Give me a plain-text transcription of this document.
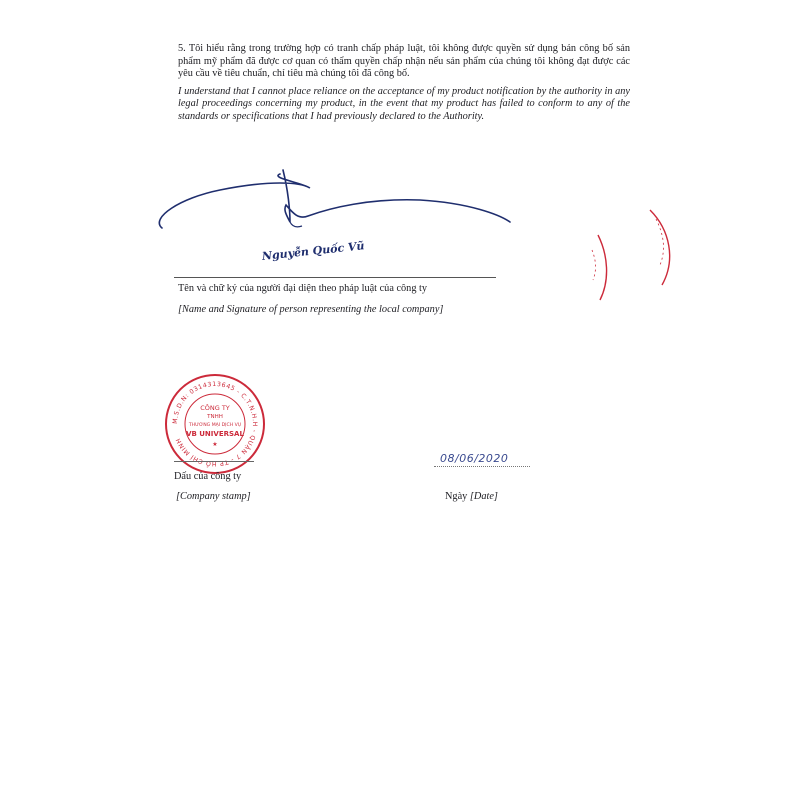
5. Tôi hiểu rằng trong trường hợp có tranh chấp pháp luật, tôi không được quyền sử dụng bản công bố sản phẩm mỹ phẩm đã được cơ quan có thẩm quyền chấp nhận nếu sản phẩm của chúng tôi không đạt được các yêu cầu về tiêu chuẩn, chỉ tiêu mà chúng tôi đã công bố.

I understand that I cannot place reliance on the acceptance of my product notification by the authority in any legal proceedings concerning my product, in the event that my product has failed to conform to any of the standards or specifications that I had previously declared to the Authority.

Nguyễn Quốc Vũ
Tên và chữ ký của người đại diện theo pháp luật của công ty
[Name and Signature of person representing the local company]
M.S.D.N: 0314313645 - C.T.N.H.H - QUẬN 7 - TP HỒ CHÍ MINH
CÔNG TY
TNHH
THƯƠNG MẠI DỊCH VỤ
VB UNIVERSAL
★
Dấu của công ty
[Company stamp]
08/06/2020
Ngày [Date]
